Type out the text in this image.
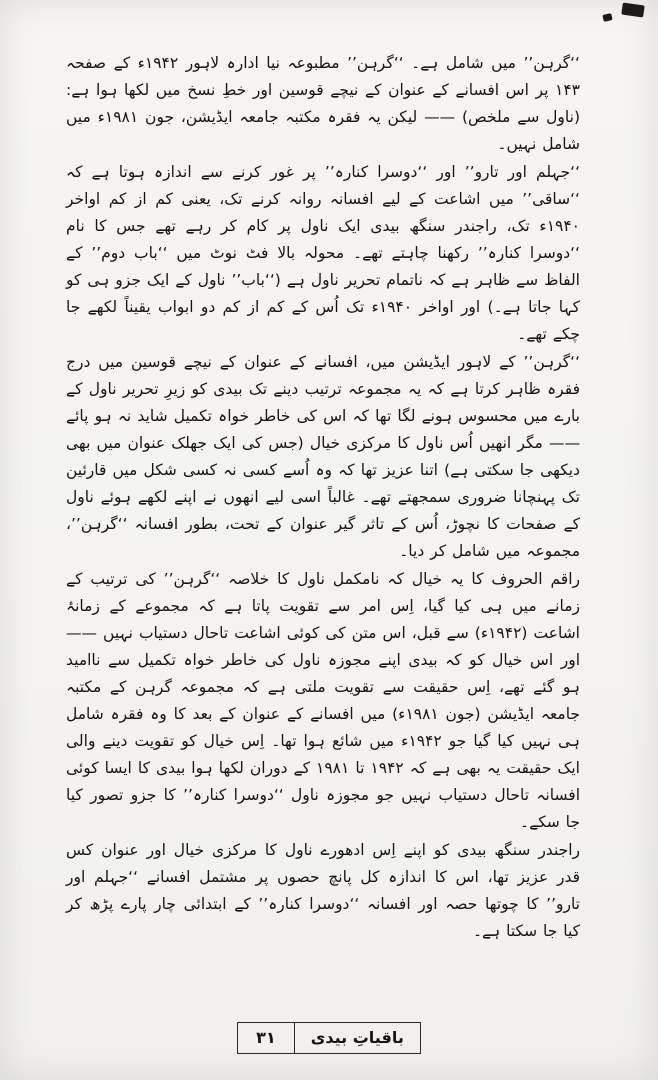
‘‘گرہن’’ میں شامل ہے۔ ‘‘گرہن’’ مطبوعہ نیا ادارہ لاہور ۱۹۴۲ء کے صفحہ ۱۴۳ پر اس افسانے کے عنوان کے نیچے قوسین اور خطِ نسخ میں لکھا ہوا ہے: (ناول سے ملخص) —— لیکن یہ فقرہ مکتبہ جامعہ ایڈیشن، جون ۱۹۸۱ء میں شامل نہیں۔

‘‘جہلم اور تارو’’ اور ‘‘دوسرا کنارہ’’ پر غور کرنے سے اندازہ ہوتا ہے کہ ‘‘ساقی’’ میں اشاعت کے لیے افسانہ روانہ کرنے تک، یعنی کم از کم اواخر ۱۹۴۰ء تک، راجندر سنگھ بیدی ایک ناول پر کام کر رہے تھے جس کا نام ‘‘دوسرا کنارہ’’ رکھنا چاہتے تھے۔ محولہ بالا فٹ نوٹ میں ‘‘باب دوم’’ کے الفاظ سے ظاہر ہے کہ ناتمام تحریر ناول ہے (‘‘باب’’ ناول کے ایک جزو ہی کو کہا جاتا ہے۔) اور اواخر ۱۹۴۰ء تک اُس کے کم از کم دو ابواب یقیناً لکھے جا چکے تھے۔

‘‘گرہن’’ کے لاہور ایڈیشن میں، افسانے کے عنوان کے نیچے قوسین میں درج فقرہ ظاہر کرتا ہے کہ یہ مجموعہ ترتیب دینے تک بیدی کو زیرِ تحریر ناول کے بارے میں محسوس ہونے لگا تھا کہ اس کی خاطر خواہ تکمیل شاید نہ ہو پائے —— مگر انھیں اُس ناول کا مرکزی خیال (جس کی ایک جھلک عنوان میں بھی دیکھی جا سکتی ہے) اتنا عزیز تھا کہ وہ اُسے کسی نہ کسی شکل میں قارئین تک پہنچانا ضروری سمجھتے تھے۔ غالباً اسی لیے انھوں نے اپنے لکھے ہوئے ناول کے صفحات کا نچوڑ، اُس کے تاثر گیر عنوان کے تحت، بطور افسانہ ‘‘گرہن’’، مجموعہ میں شامل کر دیا۔

راقم الحروف کا یہ خیال کہ نامکمل ناول کا خلاصہ ‘‘گرہن’’ کی ترتیب کے زمانے میں ہی کیا گیا، اِس امر سے تقویت پاتا ہے کہ مجموعے کے زمانۂ اشاعت (۱۹۴۲ء) سے قبل، اس متن کی کوئی اشاعت تاحال دستیاب نہیں —— اور اس خیال کو کہ بیدی اپنے مجوزہ ناول کی خاطر خواہ تکمیل سے ناامید ہو گئے تھے، اِس حقیقت سے تقویت ملتی ہے کہ مجموعہ گرہن کے مکتبہ جامعہ ایڈیشن (جون ۱۹۸۱ء) میں افسانے کے عنوان کے بعد کا وہ فقرہ شامل ہی نہیں کیا گیا جو ۱۹۴۲ء میں شائع ہوا تھا۔ اِس خیال کو تقویت دینے والی ایک حقیقت یہ بھی ہے کہ ۱۹۴۲ تا ۱۹۸۱ کے دوران لکھا ہوا بیدی کا ایسا کوئی افسانہ تاحال دستیاب نہیں جو مجوزہ ناول ‘‘دوسرا کنارہ’’ کا جزو تصور کیا جا سکے۔

راجندر سنگھ بیدی کو اپنے اِس ادھورے ناول کا مرکزی خیال اور عنوان کس قدر عزیز تھا، اس کا اندازہ کل پانچ حصوں پر مشتمل افسانے ‘‘جہلم اور تارو’’ کا چوتھا حصہ اور افسانہ ‘‘دوسرا کنارہ’’ کے ابتدائی چار پارے پڑھ کر کیا جا سکتا ہے۔

باقیاتِ بیدی
۳۱
